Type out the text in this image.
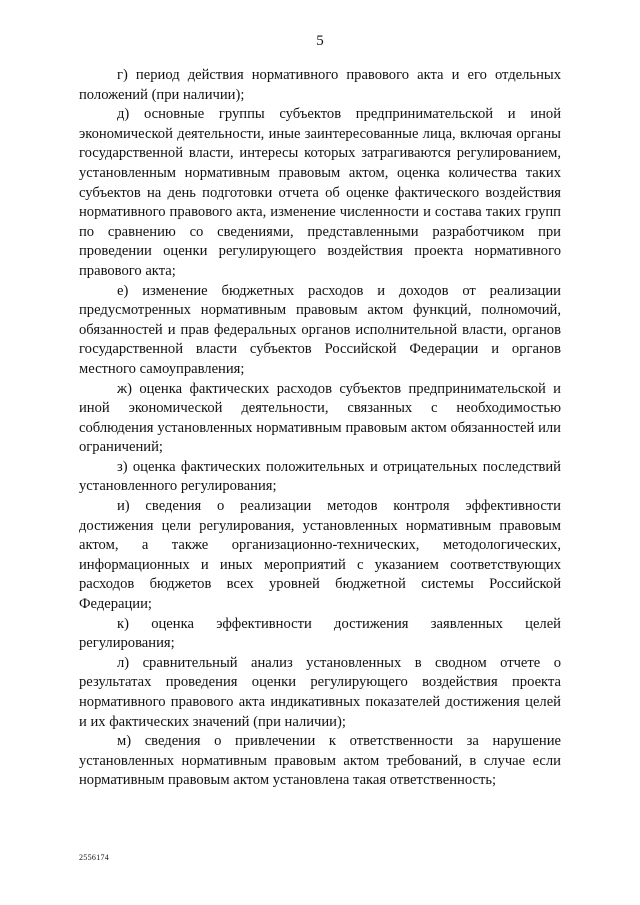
5

г) период действия нормативного правового акта и его отдельных положений (при наличии);

д) основные группы субъектов предпринимательской и иной экономической деятельности, иные заинтересованные лица, включая органы государственной власти, интересы которых затрагиваются регулированием, установленным нормативным правовым актом, оценка количества таких субъектов на день подготовки отчета об оценке фактического воздействия нормативного правового акта, изменение численности и состава таких групп по сравнению со сведениями, представленными разработчиком при проведении оценки регулирующего воздействия проекта нормативного правового акта;

е) изменение бюджетных расходов и доходов от реализации предусмотренных нормативным правовым актом функций, полномочий, обязанностей и прав федеральных органов исполнительной власти, органов государственной власти субъектов Российской Федерации и органов местного самоуправления;

ж) оценка фактических расходов субъектов предпринимательской и иной экономической деятельности, связанных с необходимостью соблюдения установленных нормативным правовым актом обязанностей или ограничений;

з) оценка фактических положительных и отрицательных последствий установленного регулирования;

и) сведения о реализации методов контроля эффективности достижения цели регулирования, установленных нормативным правовым актом, а также организационно-технических, методологических, информационных и иных мероприятий с указанием соответствующих расходов бюджетов всех уровней бюджетной системы Российской Федерации;

к) оценка эффективности достижения заявленных целей регулирования;

л) сравнительный анализ установленных в сводном отчете о результатах проведения оценки регулирующего воздействия проекта нормативного правового акта индикативных показателей достижения целей и их фактических значений (при наличии);

м) сведения о привлечении к ответственности за нарушение установленных нормативным правовым актом требований, в случае если нормативным правовым актом установлена такая ответственность;

2556174
